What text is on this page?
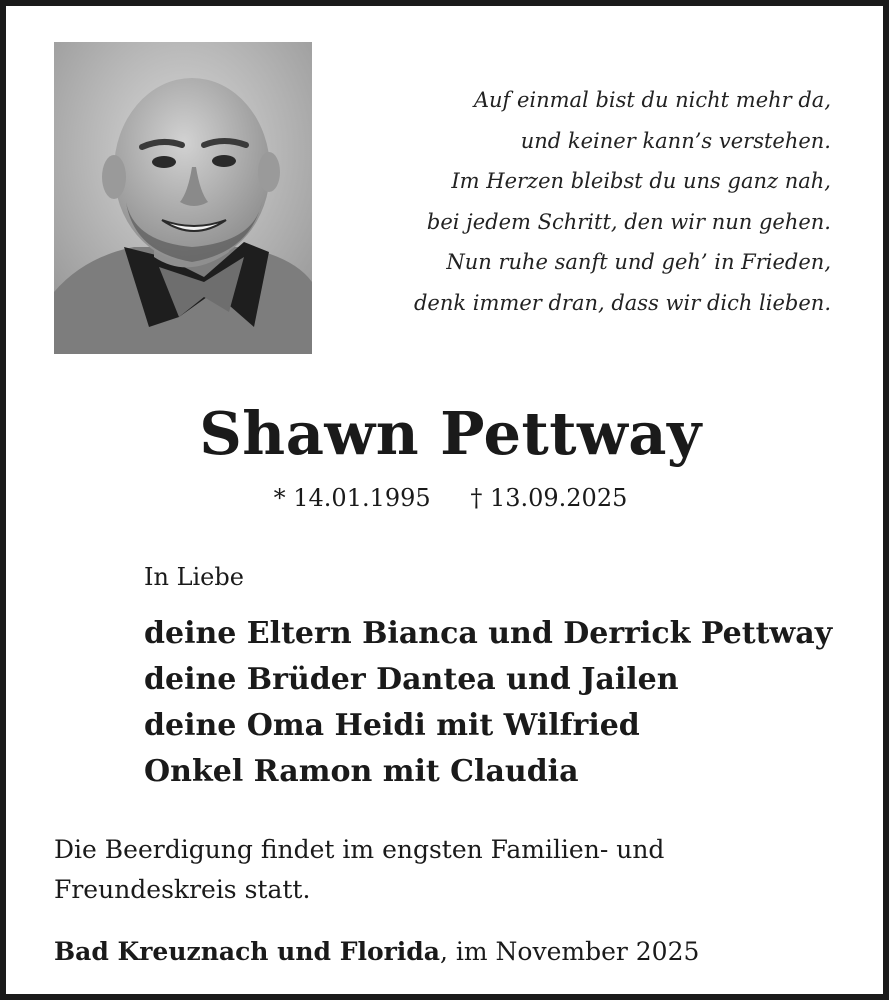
Auf einmal bist du nicht mehr da,
und keiner kann’s verstehen.
Im Herzen bleibst du uns ganz nah,
bei jedem Schritt, den wir nun gehen.
Nun ruhe sanft und geh’ in Frieden,
denk immer dran, dass wir dich lieben.
Shawn Pettway
* 14.01.1995 † 13.09.2025
In Liebe
deine Eltern Bianca und Derrick Pettway
deine Brüder Dantea und Jailen
deine Oma Heidi mit Wilfried
Onkel Ramon mit Claudia
Die Beerdigung findet im engsten Familien- und
Freundeskreis statt.
Bad Kreuznach und Florida, im November 2025
